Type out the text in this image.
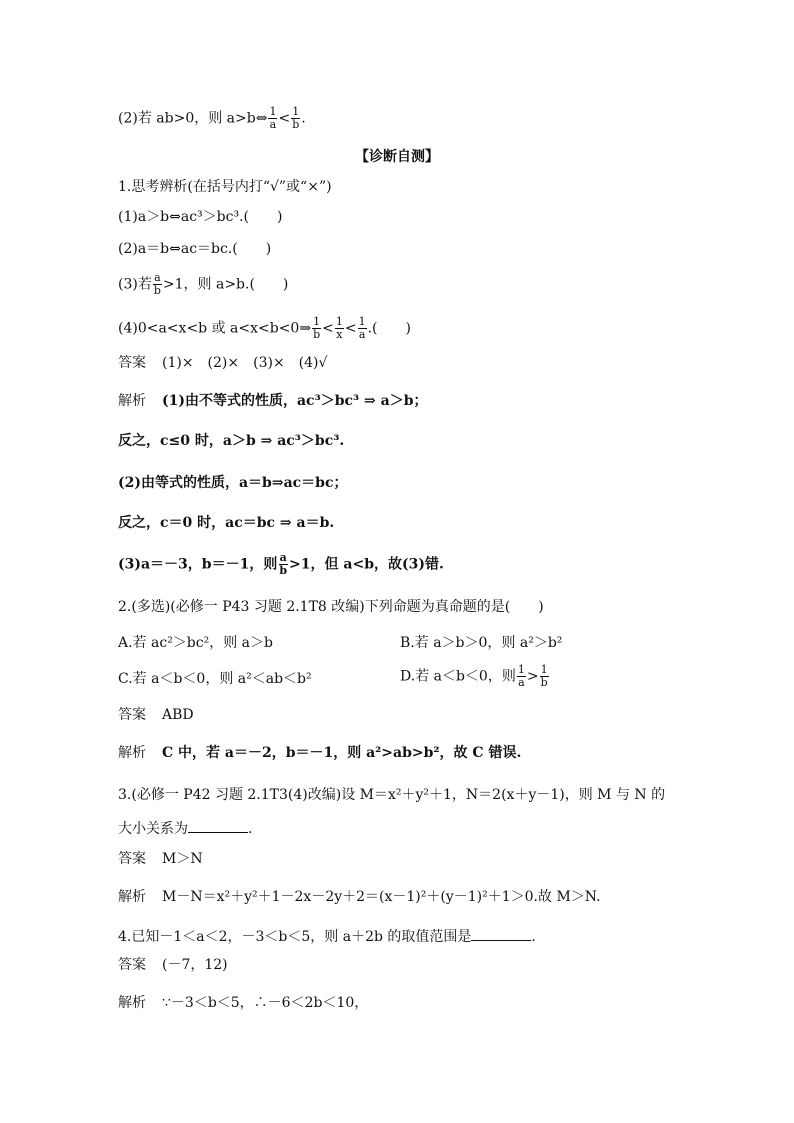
(2)若 ab>0，则 a>b⇔ $\frac{1}{a} < \frac{1}{b}$ .
【诊断自测】
1.思考辨析(在括号内打“√”或“×”)
(1)a＞b⇔ac³＞bc³.(　　)
(2)a＝b⇔ac＝bc.(　　)
(3)若 $\frac{a}{b} >1$，则 a>b.(　　)
(4)0<a<x<b 或 a<x<b<0⇒ $\frac{1}{b} < \frac{1}{x} < \frac{1}{a}$ .(　　)
答案 (1)×　(2)×　(3)×　(4)√
解析 (1)由不等式的性质，ac³＞bc³ ⇒ a＞b；
反之，c≤0 时，a＞b ⇒ ac³＞bc³.
(2)由等式的性质，a＝b⇒ac＝bc；
反之，c＝0 时，ac＝bc ⇒ a＝b.
(3)a＝－3，b＝－1，则 $\frac{a}{b} >1$，但 a<b，故(3)错.
2.(多选)(必修一 P43 习题 2.1T8 改编)下列命题为真命题的是(　　)
A.若 ac²＞bc²，则 a＞b	B.若 a＞b＞0，则 a²＞b²
C.若 a＜b＜0，则 a²＜ab＜b²	D.若 a＜b＜0，则 $\frac{1}{a} > \frac{1}{b}$
答案 ABD
解析 C 中，若 a＝－2，b＝－1，则 a²>ab>b²，故 C 错误.
3.(必修一 P42 习题 2.1T3(4)改编)设 M＝x²＋y²＋1，N＝2(x＋y－1)，则 M 与 N 的
大小关系为	.
答案 M＞N
解析 M－N＝x²＋y²＋1－2x－2y＋2＝(x－1)²＋(y－1)²＋1＞0.故 M＞N.
4.已知－1＜a＜2，－3＜b＜5，则 a＋2b 的取值范围是	.
答案 (－7，12)
解析 ∵－3＜b＜5，∴－6＜2b＜10，
